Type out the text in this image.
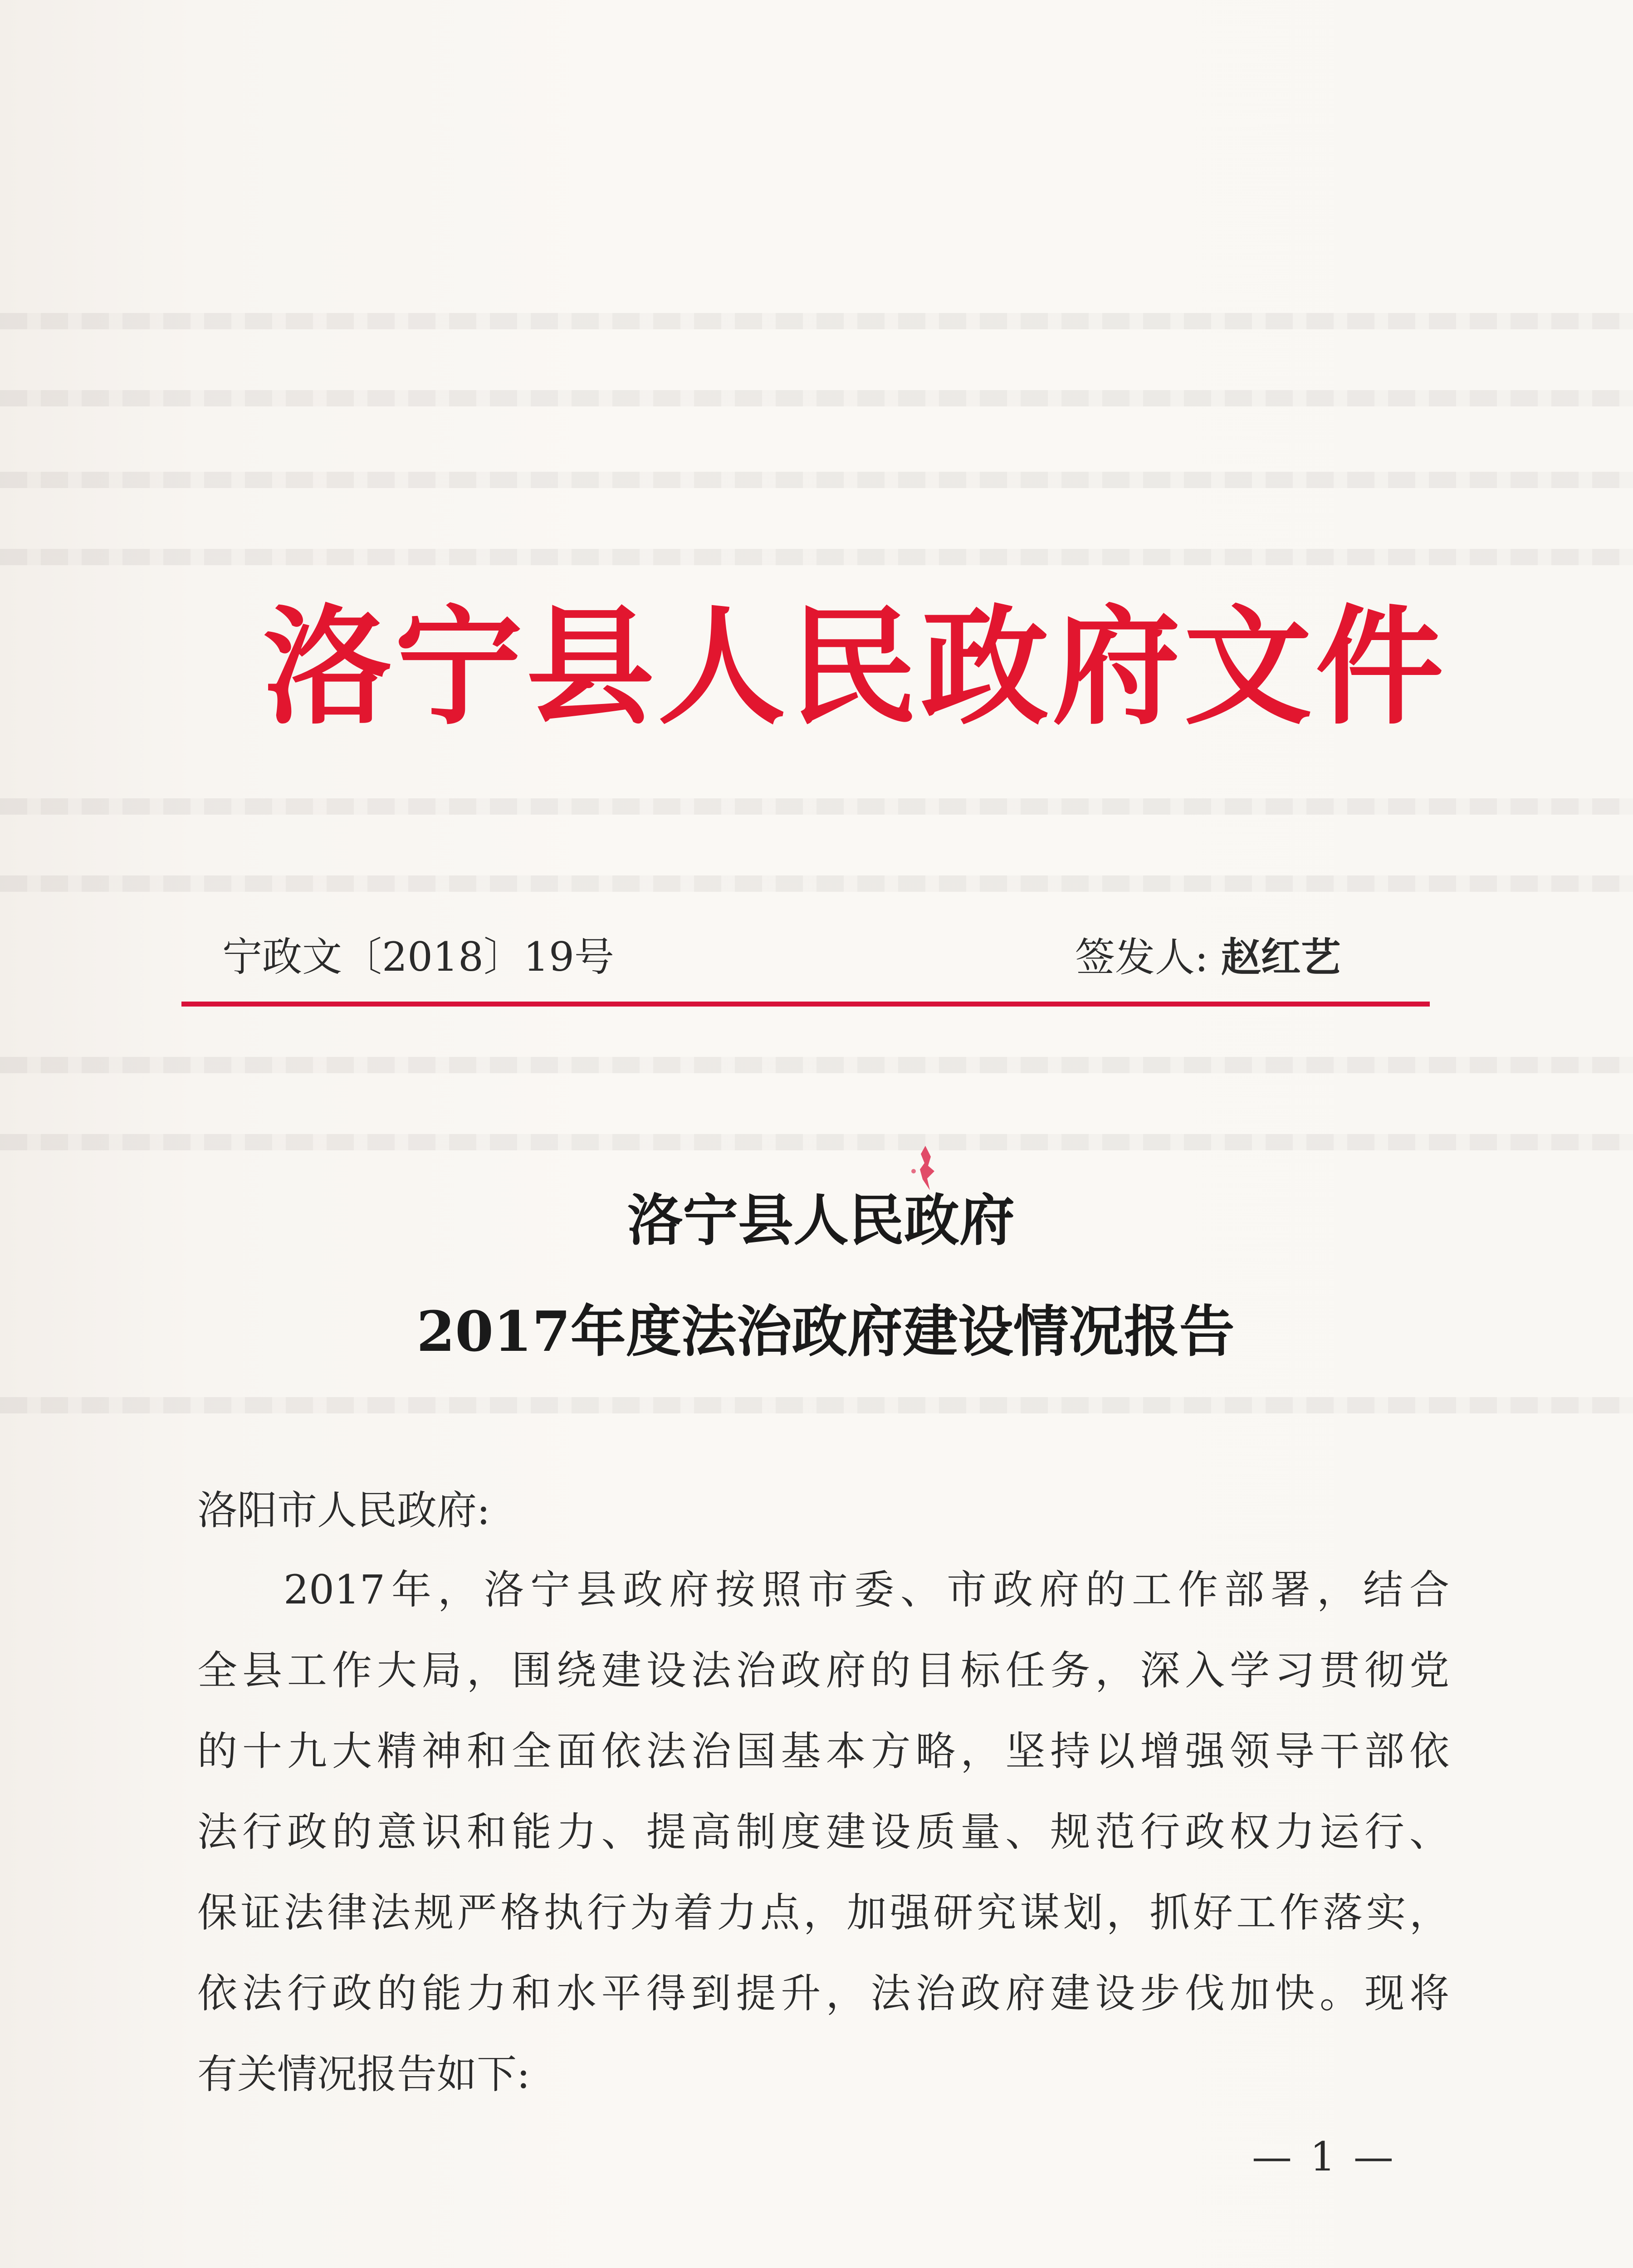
洛宁县人民政府文件
宁政文〔2018〕19号	签发人: 赵红艺
洛宁县人民政府
2017年度法治政府建设情况报告
洛阳市人民政府:
2017年，洛宁县政府按照市委、市政府的工作部署，结合
全县工作大局，围绕建设法治政府的目标任务，深入学习贯彻党
的十九大精神和全面依法治国基本方略，坚持以增强领导干部依
法行政的意识和能力、提高制度建设质量、规范行政权力运行、
保证法律法规严格执行为着力点，加强研究谋划，抓好工作落实，
依法行政的能力和水平得到提升，法治政府建设步伐加快。现将
有关情况报告如下:
— 1 —
